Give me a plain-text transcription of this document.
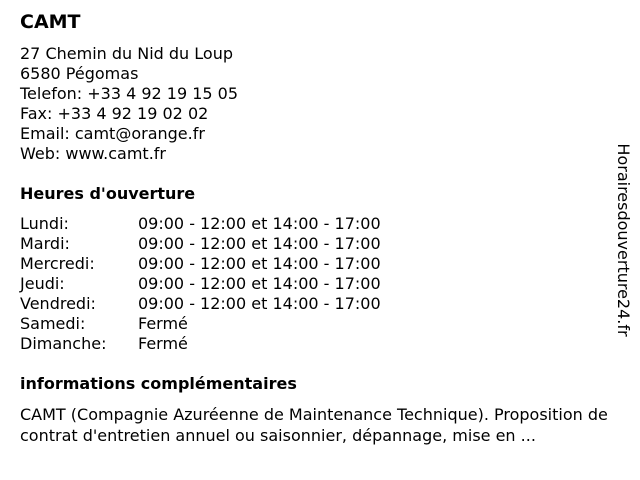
CAMT
27 Chemin du Nid du Loup
6580 Pégomas
Telefon: +33 4 92 19 15 05
Fax: +33 4 92 19 02 02
Email: camt@orange.fr
Web: www.camt.fr
Heures d'ouverture
Lundi:	09:00 - 12:00 et 14:00 - 17:00
Mardi:	09:00 - 12:00 et 14:00 - 17:00
Mercredi:	09:00 - 12:00 et 14:00 - 17:00
Jeudi:	09:00 - 12:00 et 14:00 - 17:00
Vendredi:	09:00 - 12:00 et 14:00 - 17:00
Samedi:	Fermé
Dimanche:	Fermé
informations complémentaires
CAMT (Compagnie Azuréenne de Maintenance Technique). Proposition de contrat d'entretien annuel ou saisonnier, dépannage, mise en ...
Horairesdouverture24.fr
